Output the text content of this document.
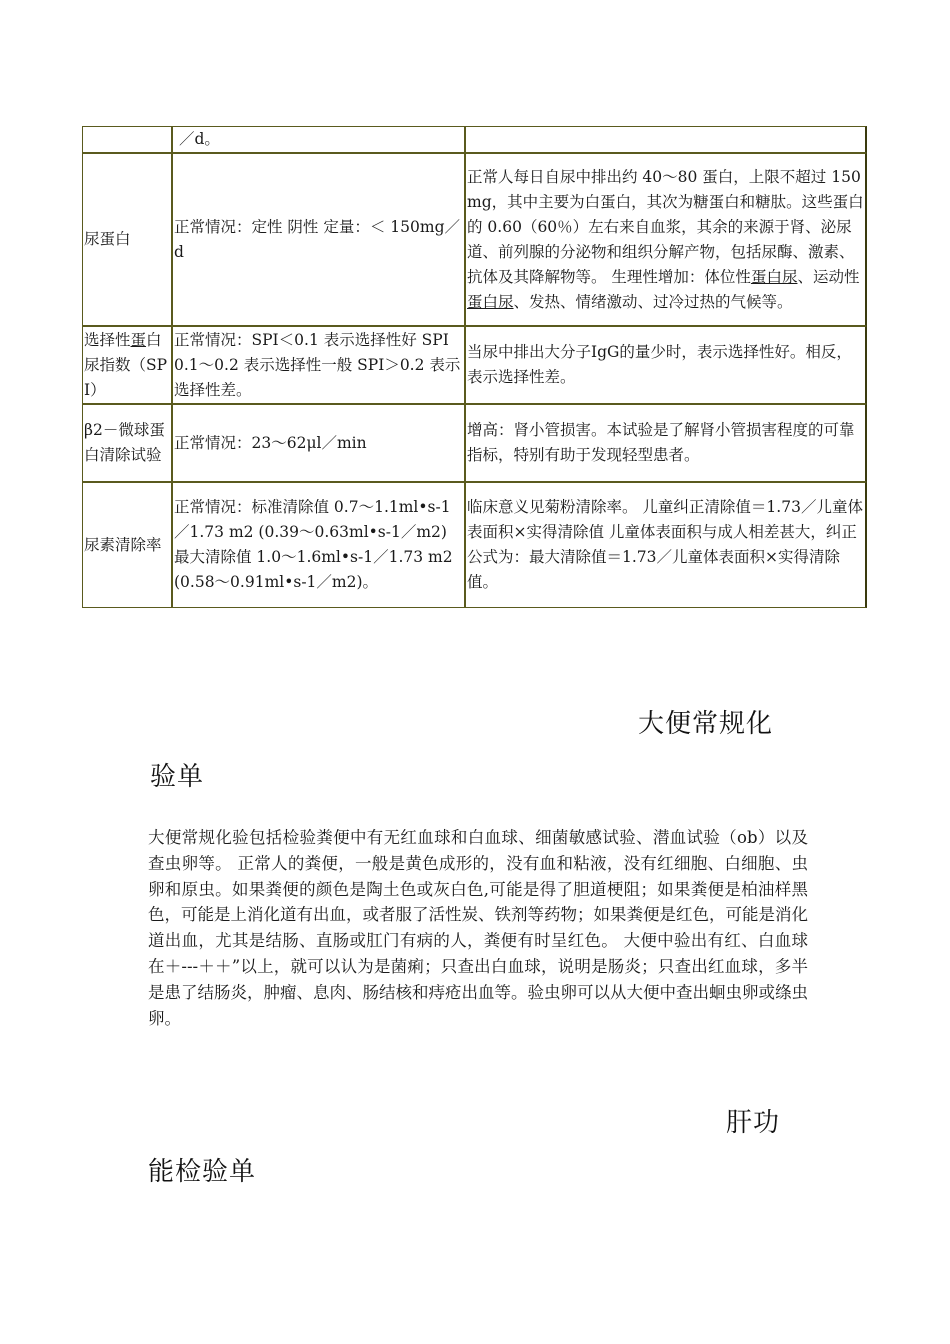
	／d。	
尿蛋白	正常情况：定性 阴性 定量：＜ 150mg／d	正常人每日自尿中排出约 40～80 蛋白，上限不超过 150mg，其中主要为白蛋白，其次为糖蛋白和糖肽。这些蛋白的 0.60（60％）左右来自血浆，其余的来源于肾、泌尿道、前列腺的分泌物和组织分解产物，包括尿酶、激素、抗体及其降解物等。 生理性增加：体位性蛋白尿、运动性蛋白尿、发热、情绪激动、过冷过热的气候等。
选择性蛋白尿指数（SPI）	正常情况：SPI＜0.1 表示选择性好 SPI0.1～0.2 表示选择性一般 SPI＞0.2 表示选择性差。	当尿中排出大分子IgG的量少时，表示选择性好。相反，表示选择性差。
β2－微球蛋白清除试验	正常情况：23～62μl／min	增高：肾小管损害。本试验是了解肾小管损害程度的可靠指标，特别有助于发现轻型患者。
尿素清除率	正常情况：标准清除值 0.7～1.1ml•s-1／1.73 m2 (0.39～0.63ml•s-1／m2) 最大清除值 1.0～1.6ml•s-1／1.73 m2 (0.58～0.91ml•s-1／m2)。	临床意义见菊粉清除率。 儿童纠正清除值＝1.73／儿童体表面积×实得清除值 儿童体表面积与成人相差甚大，纠正公式为：最大清除值＝1.73／儿童体表面积×实得清除值。
大便常规化
验单
大便常规化验包括检验粪便中有无红血球和白血球、细菌敏感试验、潜血试验（ob）以及查虫卵等。 正常人的粪便，一般是黄色成形的，没有血和粘液，没有红细胞、白细胞、虫卵和原虫。如果粪便的颜色是陶土色或灰白色,可能是得了胆道梗阻；如果粪便是柏油样黑色，可能是上消化道有出血，或者服了活性炭、铁剂等药物；如果粪便是红色，可能是消化道出血，尤其是结肠、直肠或肛门有病的人，粪便有时呈红色。 大便中验出有红、白血球在＋---＋＋”以上，就可以认为是菌痢；只查出白血球，说明是肠炎；只查出红血球，多半是患了结肠炎，肿瘤、息肉、肠结核和痔疮出血等。验虫卵可以从大便中查出蛔虫卵或绦虫卵。
肝功
能检验单
